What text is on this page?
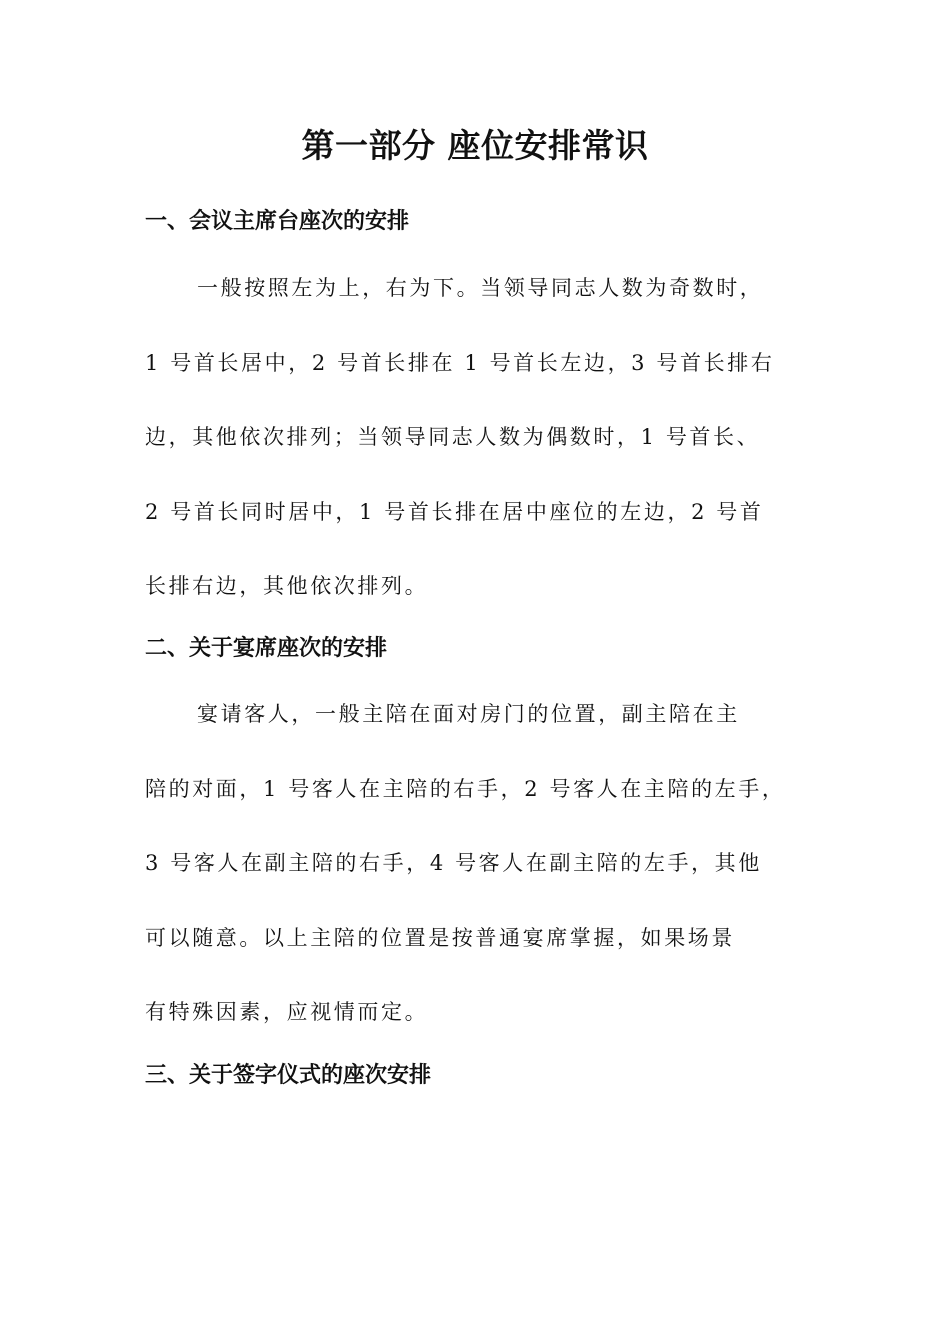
第一部分 座位安排常识
一、会议主席台座次的安排
一般按照左为上，右为下。当领导同志人数为奇数时，
1 号首长居中，2 号首长排在 1 号首长左边，3 号首长排右
边，其他依次排列；当领导同志人数为偶数时，1 号首长、
2 号首长同时居中，1 号首长排在居中座位的左边，2 号首
长排右边，其他依次排列。
二、关于宴席座次的安排
宴请客人，一般主陪在面对房门的位置，副主陪在主
陪的对面，1 号客人在主陪的右手，2 号客人在主陪的左手，
3 号客人在副主陪的右手，4 号客人在副主陪的左手，其他
可以随意。以上主陪的位置是按普通宴席掌握，如果场景
有特殊因素，应视情而定。
三、关于签字仪式的座次安排
